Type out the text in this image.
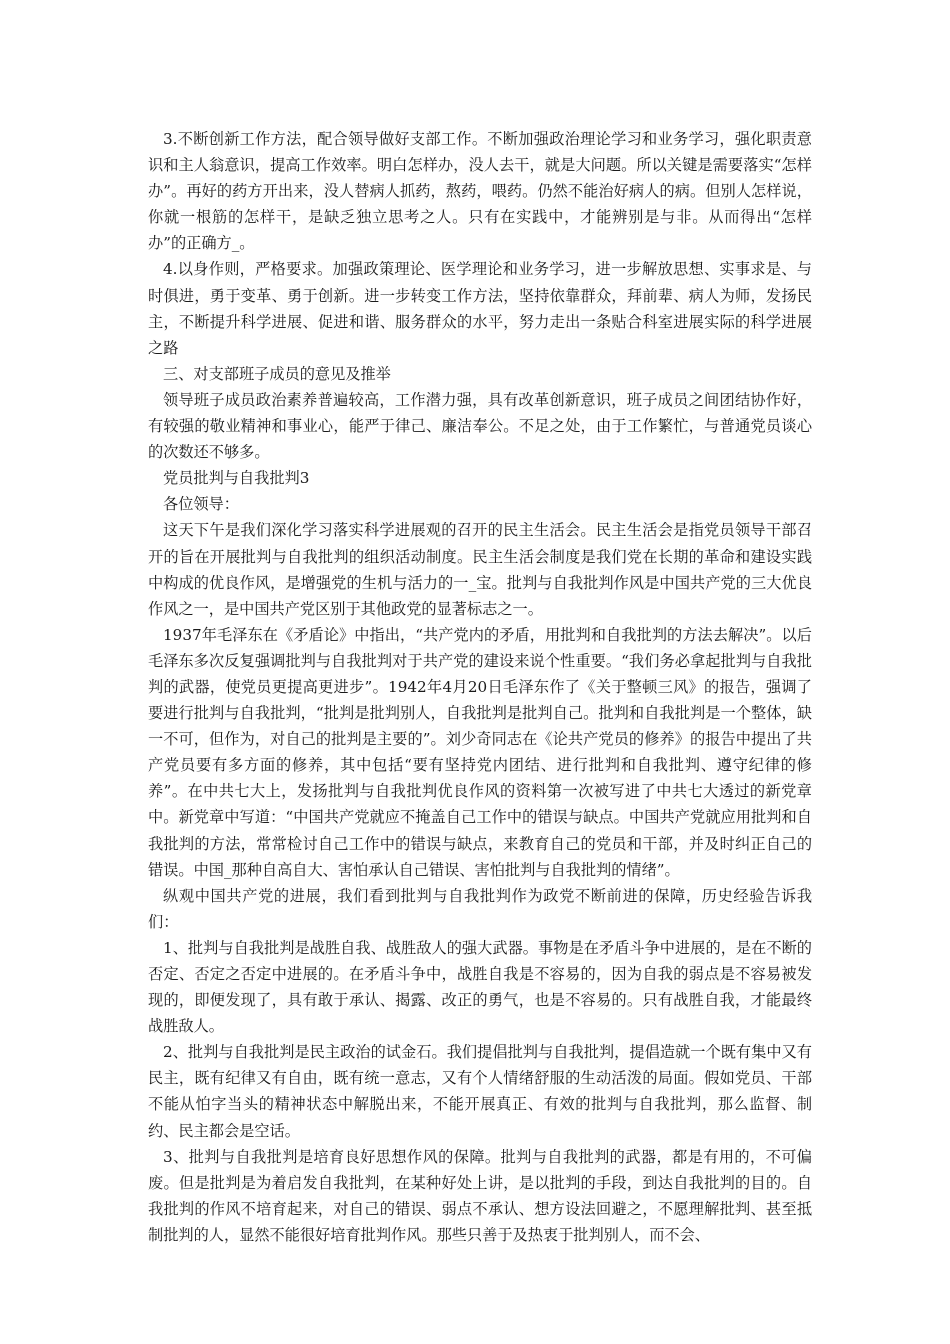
3.不断创新工作方法，配合领导做好支部工作。不断加强政治理论学习和业务学习，强化职责意识和主人翁意识，提高工作效率。明白怎样办，没人去干，就是大问题。所以关键是需要落实“怎样办”。再好的药方开出来，没人替病人抓药，熬药，喂药。仍然不能治好病人的病。但别人怎样说，你就一根筋的怎样干，是缺乏独立思考之人。只有在实践中，才能辨别是与非。从而得出“怎样办”的正确方_。

4.以身作则，严格要求。加强政策理论、医学理论和业务学习，进一步解放思想、实事求是、与时俱进，勇于变革、勇于创新。进一步转变工作方法，坚持依靠群众，拜前辈、病人为师，发扬民主，不断提升科学进展、促进和谐、服务群众的水平，努力走出一条贴合科室进展实际的科学进展之路

三、对支部班子成员的意见及推举

领导班子成员政治素养普遍较高，工作潜力强，具有改革创新意识，班子成员之间团结协作好，有较强的敬业精神和事业心，能严于律己、廉洁奉公。不足之处，由于工作繁忙，与普通党员谈心的次数还不够多。

党员批判与自我批判3

各位领导：

这天下午是我们深化学习落实科学进展观的召开的民主生活会。民主生活会是指党员领导干部召开的旨在开展批判与自我批判的组织活动制度。民主生活会制度是我们党在长期的革命和建设实践中构成的优良作风，是增强党的生机与活力的一_宝。批判与自我批判作风是中国共产党的三大优良作风之一，是中国共产党区别于其他政党的显著标志之一。

1937年毛泽东在《矛盾论》中指出，“共产党内的矛盾，用批判和自我批判的方法去解决”。以后毛泽东多次反复强调批判与自我批判对于共产党的建设来说个性重要。“我们务必拿起批判与自我批判的武器，使党员更提高更进步”。1942年4月20日毛泽东作了《关于整顿三风》的报告，强调了要进行批判与自我批判，“批判是批判别人，自我批判是批判自己。批判和自我批判是一个整体，缺一不可，但作为，对自己的批判是主要的”。刘少奇同志在《论共产党员的修养》的报告中提出了共产党员要有多方面的修养，其中包括“要有坚持党内团结、进行批判和自我批判、遵守纪律的修养”。在中共七大上，发扬批判与自我批判优良作风的资料第一次被写进了中共七大透过的新党章中。新党章中写道：“中国共产党就应不掩盖自己工作中的错误与缺点。中国共产党就应用批判和自我批判的方法，常常检讨自己工作中的错误与缺点，来教育自己的党员和干部，并及时纠正自己的错误。中国_那种自高自大、害怕承认自己错误、害怕批判与自我批判的情绪”。

纵观中国共产党的进展，我们看到批判与自我批判作为政党不断前进的保障，历史经验告诉我们：

1、批判与自我批判是战胜自我、战胜敌人的强大武器。事物是在矛盾斗争中进展的，是在不断的否定、否定之否定中进展的。在矛盾斗争中，战胜自我是不容易的，因为自我的弱点是不容易被发现的，即便发现了，具有敢于承认、揭露、改正的勇气，也是不容易的。只有战胜自我，才能最终战胜敌人。

2、批判与自我批判是民主政治的试金石。我们提倡批判与自我批判，提倡造就一个既有集中又有民主，既有纪律又有自由，既有统一意志，又有个人情绪舒服的生动活泼的局面。假如党员、干部不能从怕字当头的精神状态中解脱出来，不能开展真正、有效的批判与自我批判，那么监督、制约、民主都会是空话。

3、批判与自我批判是培育良好思想作风的保障。批判与自我批判的武器，都是有用的，不可偏废。但是批判是为着启发自我批判，在某种好处上讲，是以批判的手段，到达自我批判的目的。自我批判的作风不培育起来，对自己的错误、弱点不承认、想方设法回避之，不愿理解批判、甚至抵制批判的人，显然不能很好培育批判作风。那些只善于及热衷于批判别人，而不会、
